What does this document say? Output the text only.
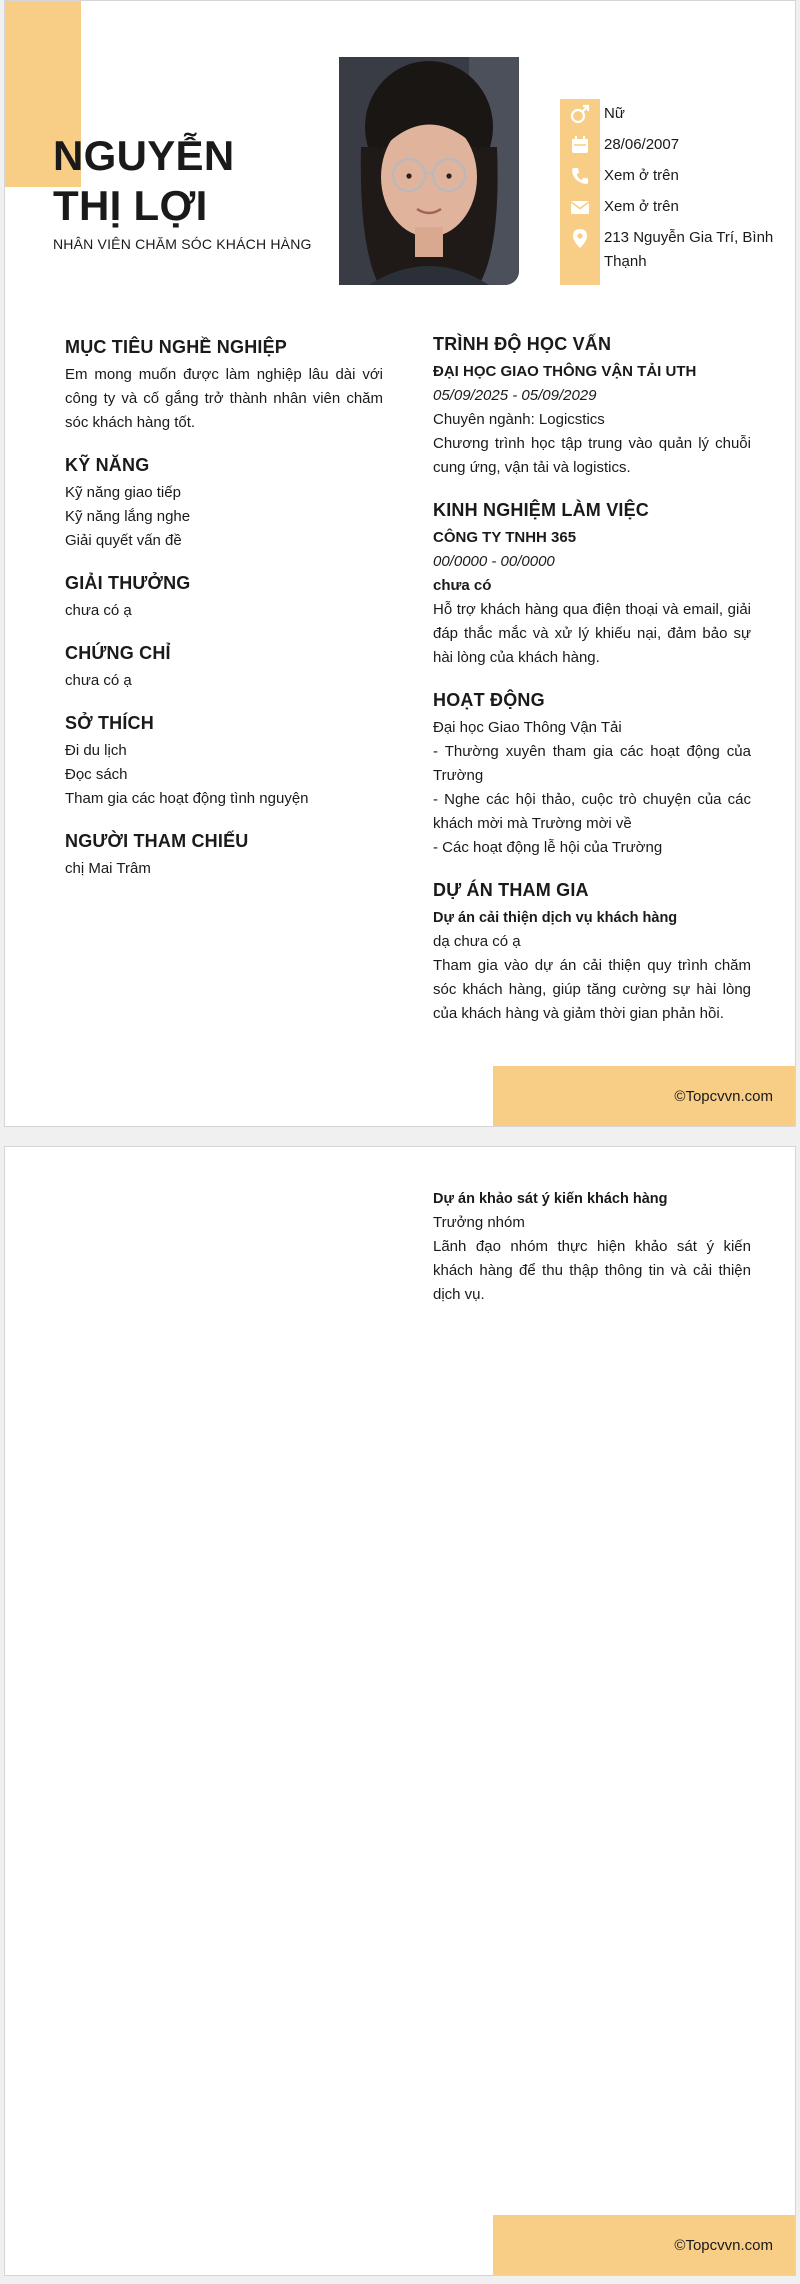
NGUYỄN THỊ LỢI
NHÂN VIÊN CHĂM SÓC KHÁCH HÀNG
Nữ
28/06/2007
Xem ở trên
Xem ở trên
213 Nguyễn Gia Trí, Bình Thạnh
MỤC TIÊU NGHỀ NGHIỆP

Em mong muốn được làm nghiệp lâu dài với công ty và cố gắng trở thành nhân viên chăm sóc khách hàng tốt.

KỸ NĂNG

Kỹ năng giao tiếp

Kỹ năng lắng nghe

Giải quyết vấn đề

GIẢI THƯỞNG

chưa có ạ

CHỨNG CHỈ

chưa có ạ

SỞ THÍCH

Đi du lịch

Đọc sách

Tham gia các hoạt động tình nguyện

NGƯỜI THAM CHIẾU

chị Mai Trâm

TRÌNH ĐỘ HỌC VẤN

ĐẠI HỌC GIAO THÔNG VẬN TẢI UTH

05/09/2025 - 05/09/2029

Chuyên ngành: Logicstics

Chương trình học tập trung vào quản lý chuỗi cung ứng, vận tải và logistics.

KINH NGHIỆM LÀM VIỆC

CÔNG TY TNHH 365

00/0000 - 00/0000

chưa có

Hỗ trợ khách hàng qua điện thoại và email, giải đáp thắc mắc và xử lý khiếu nại, đảm bảo sự hài lòng của khách hàng.

HOẠT ĐỘNG

Đại học Giao Thông Vận Tải

- Thường xuyên tham gia các hoạt động của Trường

- Nghe các hội thảo, cuộc trò chuyện của các khách mời mà Trường mời về

- Các hoạt động lễ hội của Trường

DỰ ÁN THAM GIA

Dự án cải thiện dịch vụ khách hàng

dạ chưa có ạ

Tham gia vào dự án cải thiện quy trình chăm sóc khách hàng, giúp tăng cường sự hài lòng của khách hàng và giảm thời gian phản hồi.

©Topcvvn.com

Dự án khảo sát ý kiến khách hàng

Trưởng nhóm

Lãnh đạo nhóm thực hiện khảo sát ý kiến khách hàng để thu thập thông tin và cải thiện dịch vụ.

©Topcvvn.com
